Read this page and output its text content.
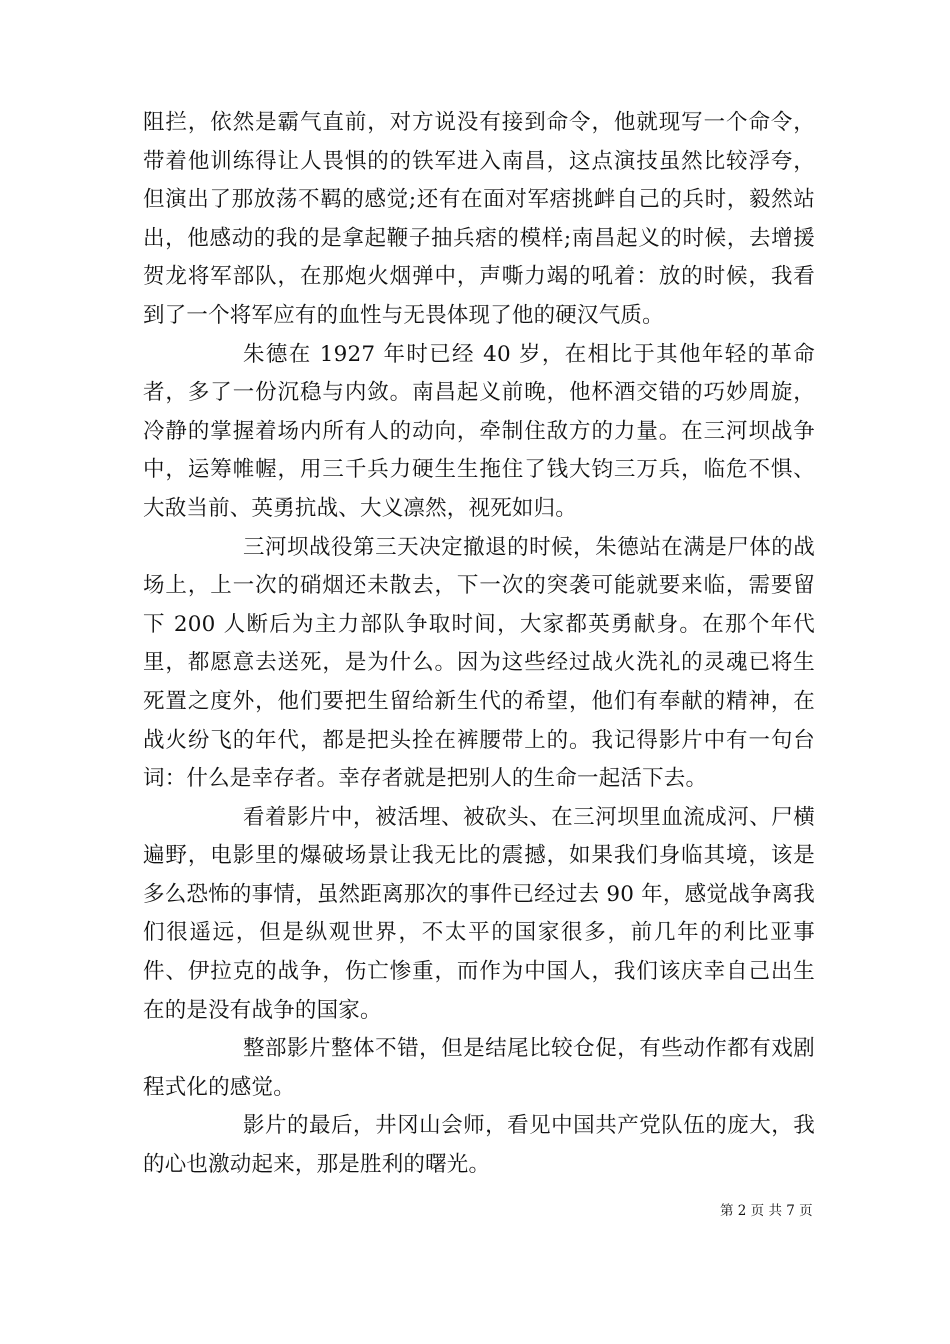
阻拦，依然是霸气直前，对方说没有接到命令，他就现写一个命令，带着他训练得让人畏惧的的铁军进入南昌，这点演技虽然比较浮夸，但演出了那放荡不羁的感觉;还有在面对军痞挑衅自己的兵时，毅然站出，他感动的我的是拿起鞭子抽兵痞的模样;南昌起义的时候，去增援贺龙将军部队，在那炮火烟弹中，声嘶力竭的吼着：放的时候，我看到了一个将军应有的血性与无畏体现了他的硬汉气质。

朱德在 1927 年时已经 40 岁，在相比于其他年轻的革命者，多了一份沉稳与内敛。南昌起义前晚，他杯酒交错的巧妙周旋，冷静的掌握着场内所有人的动向，牵制住敌方的力量。在三河坝战争中，运筹帷幄，用三千兵力硬生生拖住了钱大钧三万兵，临危不惧、大敌当前、英勇抗战、大义凛然，视死如归。

三河坝战役第三天决定撤退的时候，朱德站在满是尸体的战场上，上一次的硝烟还未散去，下一次的突袭可能就要来临，需要留下 200 人断后为主力部队争取时间，大家都英勇献身。在那个年代里，都愿意去送死，是为什么。因为这些经过战火洗礼的灵魂已将生死置之度外，他们要把生留给新生代的希望，他们有奉献的精神，在战火纷飞的年代，都是把头拴在裤腰带上的。我记得影片中有一句台词：什么是幸存者。幸存者就是把别人的生命一起活下去。

看着影片中，被活埋、被砍头、在三河坝里血流成河、尸横遍野，电影里的爆破场景让我无比的震撼，如果我们身临其境，该是多么恐怖的事情，虽然距离那次的事件已经过去 90 年，感觉战争离我们很遥远，但是纵观世界，不太平的国家很多，前几年的利比亚事件、伊拉克的战争，伤亡惨重，而作为中国人，我们该庆幸自己出生在的是没有战争的国家。

整部影片整体不错，但是结尾比较仓促，有些动作都有戏剧程式化的感觉。

影片的最后，井冈山会师，看见中国共产党队伍的庞大，我的心也激动起来，那是胜利的曙光。

第 2 页 共 7 页
